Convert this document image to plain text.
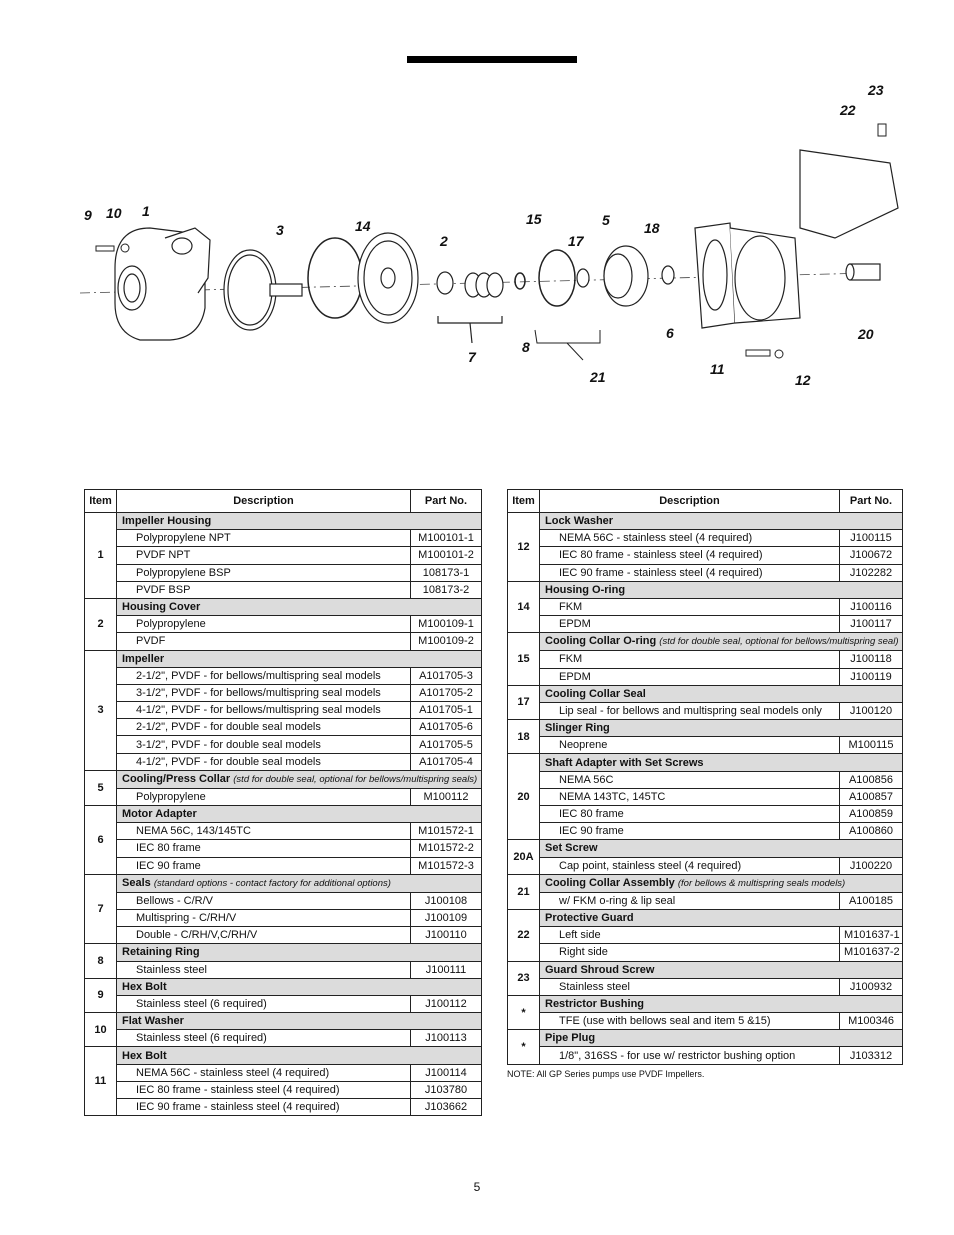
9 10 1
3	14
2
15	5
17
18
7
8
21
6
11
12
20
22
23
Item	Description	Part No.
1	Impeller Housing	
	Polypropylene NPT	M100101-1
	PVDF NPT	M100101-2
	Polypropylene BSP	108173-1
	PVDF BSP	108173-2
2	Housing Cover	
	Polypropylene	M100109-1
	PVDF	M100109-2
3	Impeller	
	2-1/2", PVDF - for bellows/multispring seal models	A101705-3
	3-1/2", PVDF - for bellows/multispring seal models	A101705-2
	4-1/2", PVDF - for bellows/multispring seal models	A101705-1
	2-1/2", PVDF - for double seal models	A101705-6
	3-1/2", PVDF - for double seal models	A101705-5
	4-1/2", PVDF - for double seal models	A101705-4
5	Cooling/Press Collar (std for double seal, optional for bellows/multispring seals)	
	Polypropylene	M100112
6	Motor Adapter	
	NEMA 56C, 143/145TC	M101572-1
	IEC 80 frame	M101572-2
	IEC 90 frame	M101572-3
7	Seals (standard options - contact factory for additional options)	
	Bellows - C/R/V	J100108
	Multispring - C/RH/V	J100109
	Double - C/RH/V,C/RH/V	J100110
8	Retaining Ring	
	Stainless steel	J100111
9	Hex Bolt	
	Stainless steel (6 required)	J100112
10	Flat Washer	
	Stainless steel (6 required)	J100113
11	Hex Bolt	
	NEMA 56C - stainless steel (4 required)	J100114
	IEC 80 frame - stainless steel (4 required)	J103780
	IEC 90 frame - stainless steel (4 required)	J103662
Item	Description	Part No.
12	Lock Washer	
	NEMA 56C - stainless steel (4 required)	J100115
	IEC 80 frame - stainless steel (4 required)	J100672
	IEC 90 frame - stainless steel (4 required)	J102282
14	Housing O-ring	
	FKM	J100116
	EPDM	J100117
15	Cooling Collar O-ring (std for double seal, optional for bellows/multispring seal)	
	FKM	J100118
	EPDM	J100119
17	Cooling Collar Seal	
	Lip seal - for bellows and multispring seal models only	J100120
18	Slinger Ring	
	Neoprene	M100115
20	Shaft Adapter with Set Screws	
	NEMA 56C	A100856
	NEMA 143TC, 145TC	A100857
	IEC 80 frame	A100859
	IEC 90 frame	A100860
20A	Set Screw	
	Cap point, stainless steel (4 required)	J100220
21	Cooling Collar Assembly (for bellows & multispring seals models)	
	w/ FKM o-ring & lip seal	A100185
22	Protective Guard	
	Left side	M101637-1
	Right side	M101637-2
23	Guard Shroud Screw	
	Stainless steel	J100932
*	Restrictor Bushing	
	TFE (use with bellows seal and item 5 &15)	M100346
*	Pipe Plug	
	1/8", 316SS - for use w/ restrictor bushing option	J103312
NOTE: All GP Series pumps use PVDF Impellers.
5
